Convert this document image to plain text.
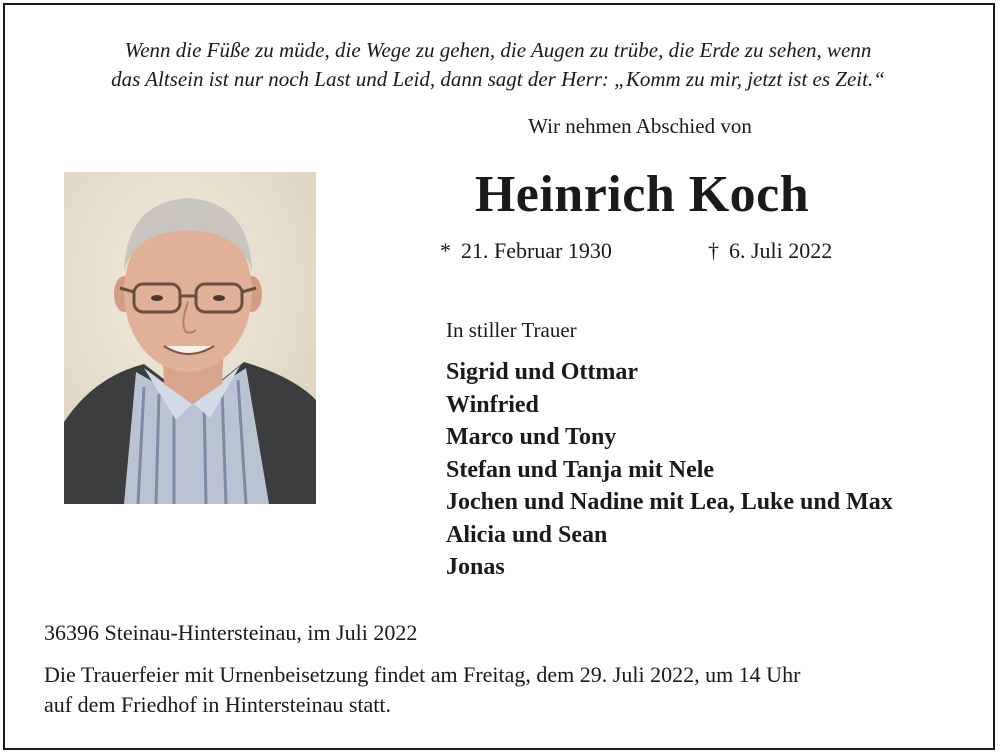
Wenn die Füße zu müde, die Wege zu gehen, die Augen zu trübe, die Erde zu sehen, wenn
das Altsein ist nur noch Last und Leid, dann sagt der Herr: „Komm zu mir, jetzt ist es Zeit.“
Wir nehmen Abschied von
Heinrich Koch
* 21. Februar 1930	† 6. Juli 2022
In stiller Trauer
Sigrid und Ottmar
Winfried
Marco und Tony
Stefan und Tanja mit Nele
Jochen und Nadine mit Lea, Luke und Max
Alicia und Sean
Jonas
36396 Steinau-Hintersteinau, im Juli 2022
Die Trauerfeier mit Urnenbeisetzung findet am Freitag, dem 29. Juli 2022, um 14 Uhr
auf dem Friedhof in Hintersteinau statt.
